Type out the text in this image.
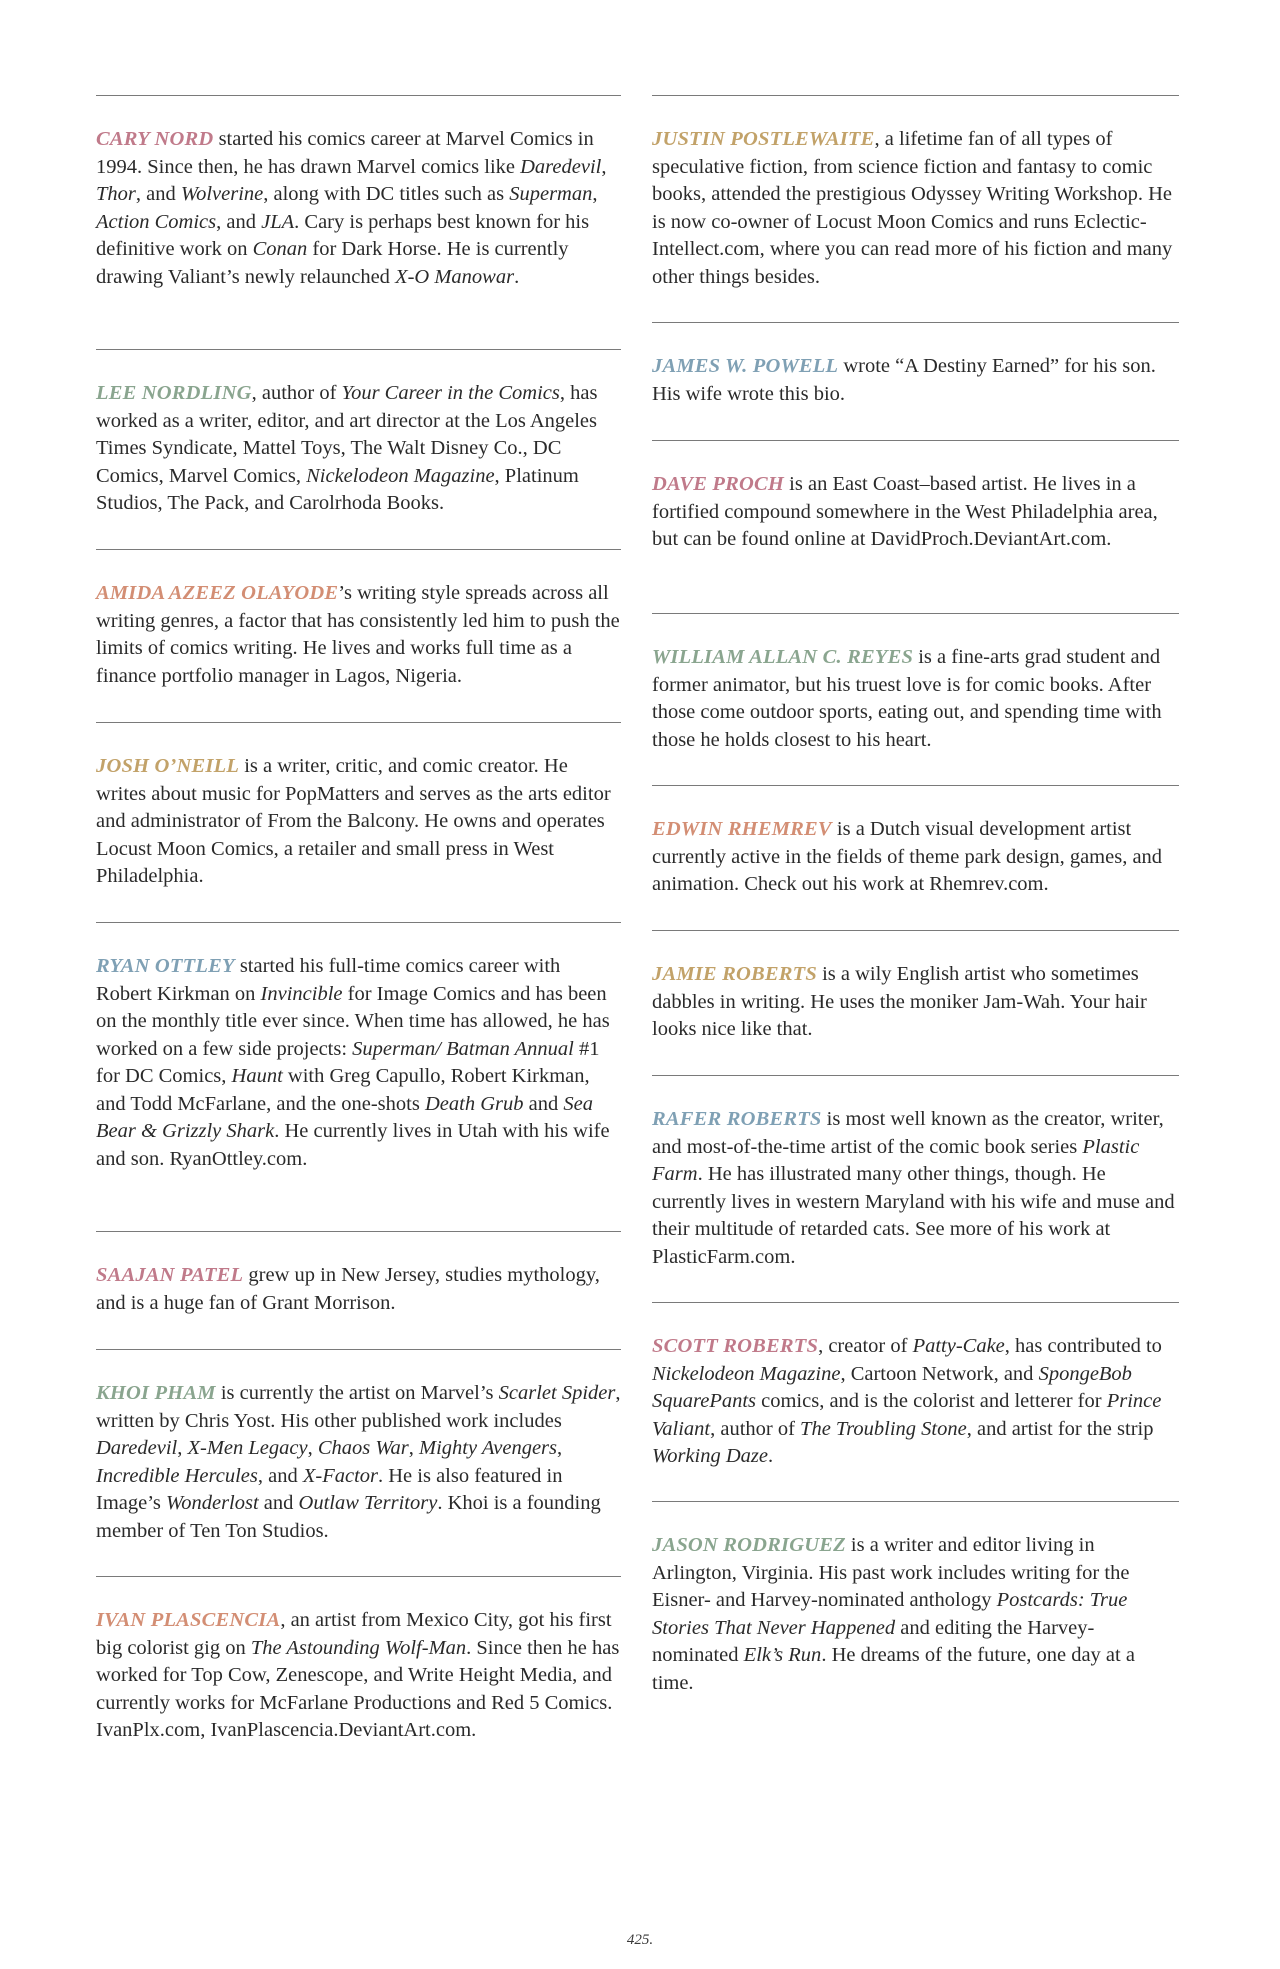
CARY NORD started his comics career at Marvel Comics in 1994. Since then, he has drawn Marvel comics like Daredevil, Thor, and Wolverine, along with DC titles such as Superman, Action Comics, and JLA. Cary is perhaps best known for his definitive work on Conan for Dark Horse. He is currently drawing Valiant’s newly relaunched X-O Manowar.

LEE NORDLING, author of Your Career in the Comics, has worked as a writer, editor, and art director at the Los Angeles Times Syndicate, Mattel Toys, The Walt Disney Co., DC Comics, Marvel Comics, Nickelodeon Magazine, Platinum Studios, The Pack, and Carolrhoda Books.

AMIDA AZEEZ OLAYODE’s writing style spreads across all writing genres, a factor that has consistently led him to push the limits of comics writing. He lives and works full time as a finance portfolio manager in Lagos, Nigeria.

JOSH O’NEILL is a writer, critic, and comic creator. He writes about music for PopMatters and serves as the arts editor and administrator of From the Balcony. He owns and operates Locust Moon Comics, a retailer and small press in West Philadelphia.

RYAN OTTLEY started his full-time comics career with Robert Kirkman on Invincible for Image Comics and has been on the monthly title ever since. When time has allowed, he has worked on a few side projects: Superman/ Batman Annual #1 for DC Comics, Haunt with Greg Capullo, Robert Kirkman, and Todd McFarlane, and the one-shots Death Grub and Sea Bear & Grizzly Shark. He currently lives in Utah with his wife and son. RyanOttley.com.

SAAJAN PATEL grew up in New Jersey, studies mythology, and is a huge fan of Grant Morrison.

KHOI PHAM is currently the artist on Marvel’s Scarlet Spider, written by Chris Yost. His other published work includes Daredevil, X-Men Legacy, Chaos War, Mighty Avengers, Incredible Hercules, and X-Factor. He is also featured in Image’s Wonderlost and Outlaw Territory. Khoi is a founding member of Ten Ton Studios.

IVAN PLASCENCIA, an artist from Mexico City, got his first big colorist gig on The Astounding Wolf-Man. Since then he has worked for Top Cow, Zenescope, and Write Height Media, and currently works for McFarlane Productions and Red 5 Comics. IvanPlx.com, IvanPlascencia.DeviantArt.com.

JUSTIN POSTLEWAITE, a lifetime fan of all types of speculative fiction, from science fiction and fantasy to comic books, attended the prestigious Odyssey Writing Workshop. He is now co-owner of Locust Moon Comics and runs Eclectic-Intellect.com, where you can read more of his fiction and many other things besides.

JAMES W. POWELL wrote “A Destiny Earned” for his son. His wife wrote this bio.

DAVE PROCH is an East Coast–based artist. He lives in a fortified compound somewhere in the West Philadelphia area, but can be found online at DavidProch.DeviantArt.com.

WILLIAM ALLAN C. REYES is a fine-arts grad student and former animator, but his truest love is for comic books. After those come outdoor sports, eating out, and spending time with those he holds closest to his heart.

EDWIN RHEMREV is a Dutch visual development artist currently active in the fields of theme park design, games, and animation. Check out his work at Rhemrev.com.

JAMIE ROBERTS is a wily English artist who sometimes dabbles in writing. He uses the moniker Jam-Wah. Your hair looks nice like that.

RAFER ROBERTS is most well known as the creator, writer, and most-of-the-time artist of the comic book series Plastic Farm. He has illustrated many other things, though. He currently lives in western Maryland with his wife and muse and their multitude of retarded cats. See more of his work at PlasticFarm.com.

SCOTT ROBERTS, creator of Patty-Cake, has contributed to Nickelodeon Magazine, Cartoon Network, and SpongeBob SquarePants comics, and is the colorist and letterer for Prince Valiant, author of The Troubling Stone, and artist for the strip Working Daze.

JASON RODRIGUEZ is a writer and editor living in Arlington, Virginia. His past work includes writing for the Eisner- and Harvey-nominated anthology Postcards: True Stories That Never Happened and editing the Harvey-nominated Elk’s Run. He dreams of the future, one day at a time.

425.
